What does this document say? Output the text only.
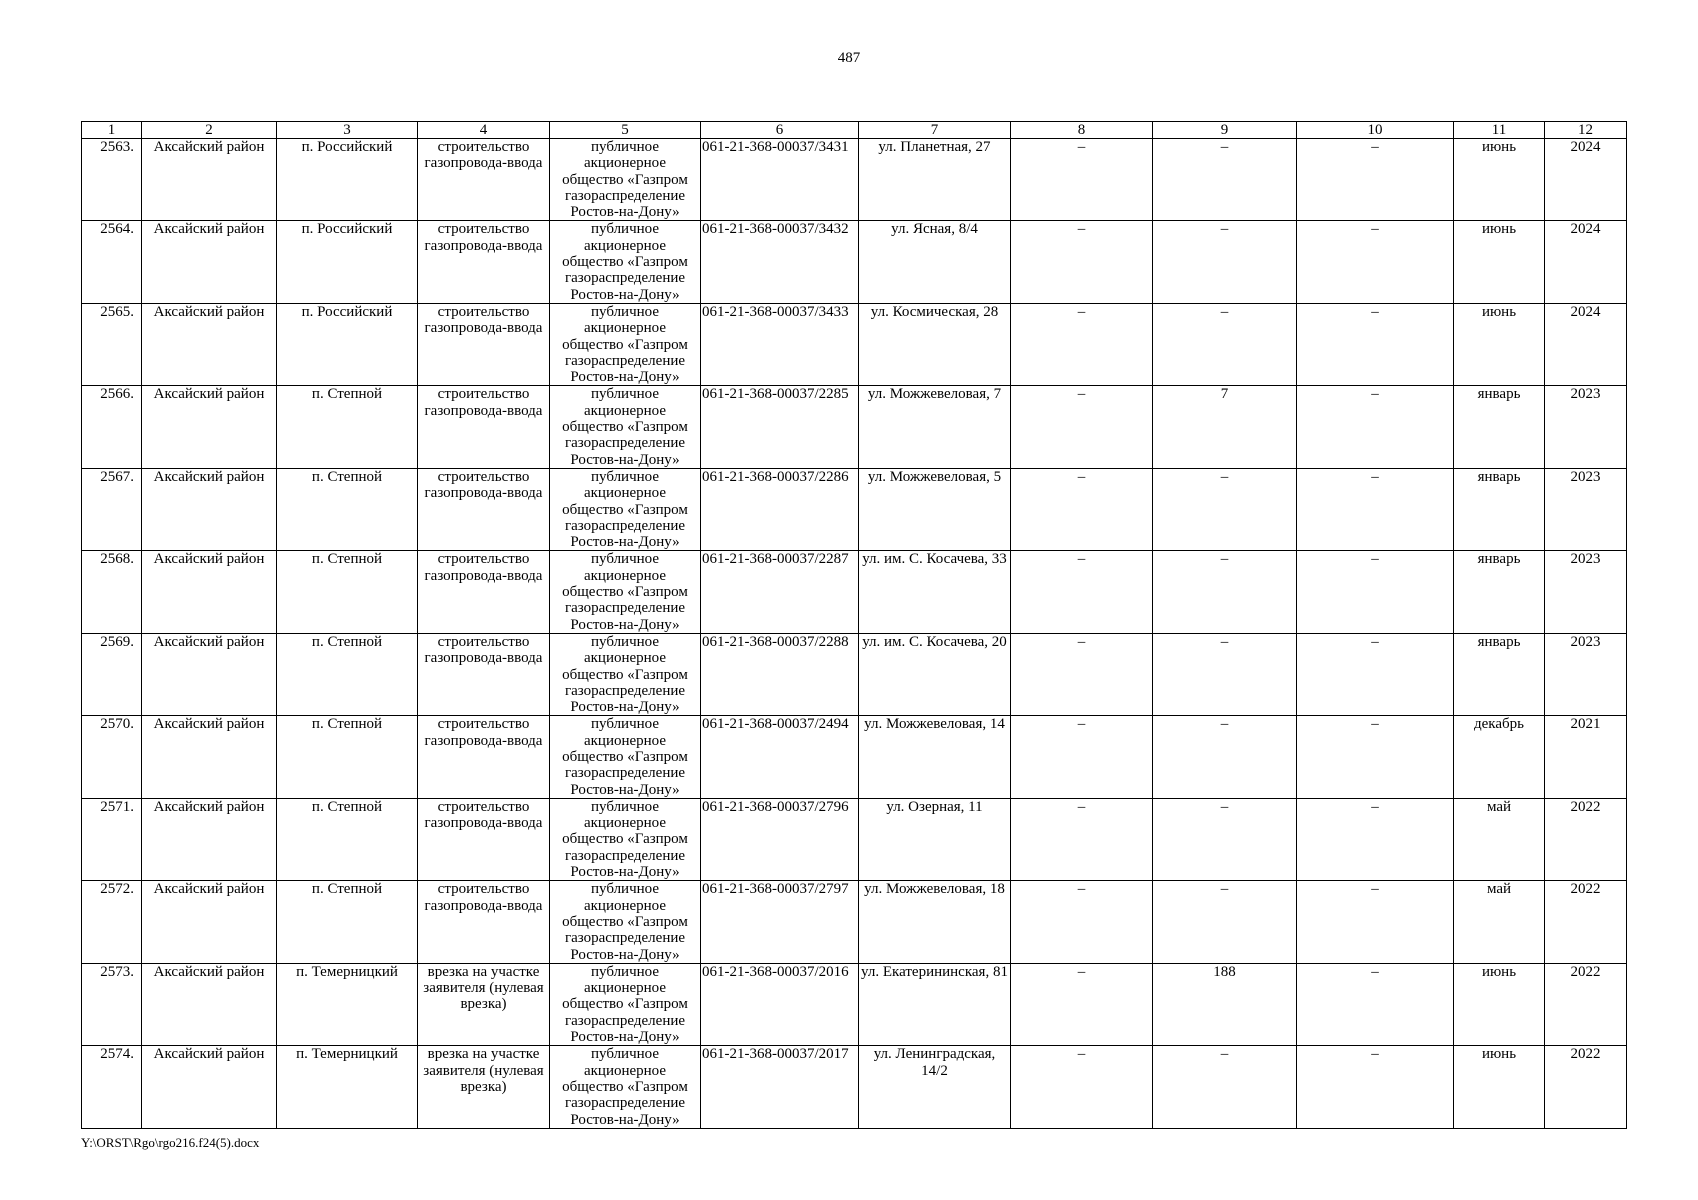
487
1	2	3	4	5	6	7	8	9	10	11	12
2563.	Аксайский район	п. Российский	строительство газопровода-ввода	публичное акционерное общество «Газпром газораспределение Ростов-на-Дону»	061-21-368-00037/3431	ул. Планетная, 27	–	–	–	июнь	2024
2564.	Аксайский район	п. Российский	строительство газопровода-ввода	публичное акционерное общество «Газпром газораспределение Ростов-на-Дону»	061-21-368-00037/3432	ул. Ясная, 8/4	–	–	–	июнь	2024
2565.	Аксайский район	п. Российский	строительство газопровода-ввода	публичное акционерное общество «Газпром газораспределение Ростов-на-Дону»	061-21-368-00037/3433	ул. Космическая, 28	–	–	–	июнь	2024
2566.	Аксайский район	п. Степной	строительство газопровода-ввода	публичное акционерное общество «Газпром газораспределение Ростов-на-Дону»	061-21-368-00037/2285	ул. Можжевеловая, 7	–	7	–	январь	2023
2567.	Аксайский район	п. Степной	строительство газопровода-ввода	публичное акционерное общество «Газпром газораспределение Ростов-на-Дону»	061-21-368-00037/2286	ул. Можжевеловая, 5	–	–	–	январь	2023
2568.	Аксайский район	п. Степной	строительство газопровода-ввода	публичное акционерное общество «Газпром газораспределение Ростов-на-Дону»	061-21-368-00037/2287	ул. им. С. Косачева, 33	–	–	–	январь	2023
2569.	Аксайский район	п. Степной	строительство газопровода-ввода	публичное акционерное общество «Газпром газораспределение Ростов-на-Дону»	061-21-368-00037/2288	ул. им. С. Косачева, 20	–	–	–	январь	2023
2570.	Аксайский район	п. Степной	строительство газопровода-ввода	публичное акционерное общество «Газпром газораспределение Ростов-на-Дону»	061-21-368-00037/2494	ул. Можжевеловая, 14	–	–	–	декабрь	2021
2571.	Аксайский район	п. Степной	строительство газопровода-ввода	публичное акционерное общество «Газпром газораспределение Ростов-на-Дону»	061-21-368-00037/2796	ул. Озерная, 11	–	–	–	май	2022
2572.	Аксайский район	п. Степной	строительство газопровода-ввода	публичное акционерное общество «Газпром газораспределение Ростов-на-Дону»	061-21-368-00037/2797	ул. Можжевеловая, 18	–	–	–	май	2022
2573.	Аксайский район	п. Темерницкий	врезка на участке заявителя (нулевая врезка)	публичное акционерное общество «Газпром газораспределение Ростов-на-Дону»	061-21-368-00037/2016	ул. Екатерининская, 81	–	188	–	июнь	2022
2574.	Аксайский район	п. Темерницкий	врезка на участке заявителя (нулевая врезка)	публичное акционерное общество «Газпром газораспределение Ростов-на-Дону»	061-21-368-00037/2017	ул. Ленинградская, 14/2	–	–	–	июнь	2022
Y:\ORST\Rgo\rgo216.f24(5).docx
